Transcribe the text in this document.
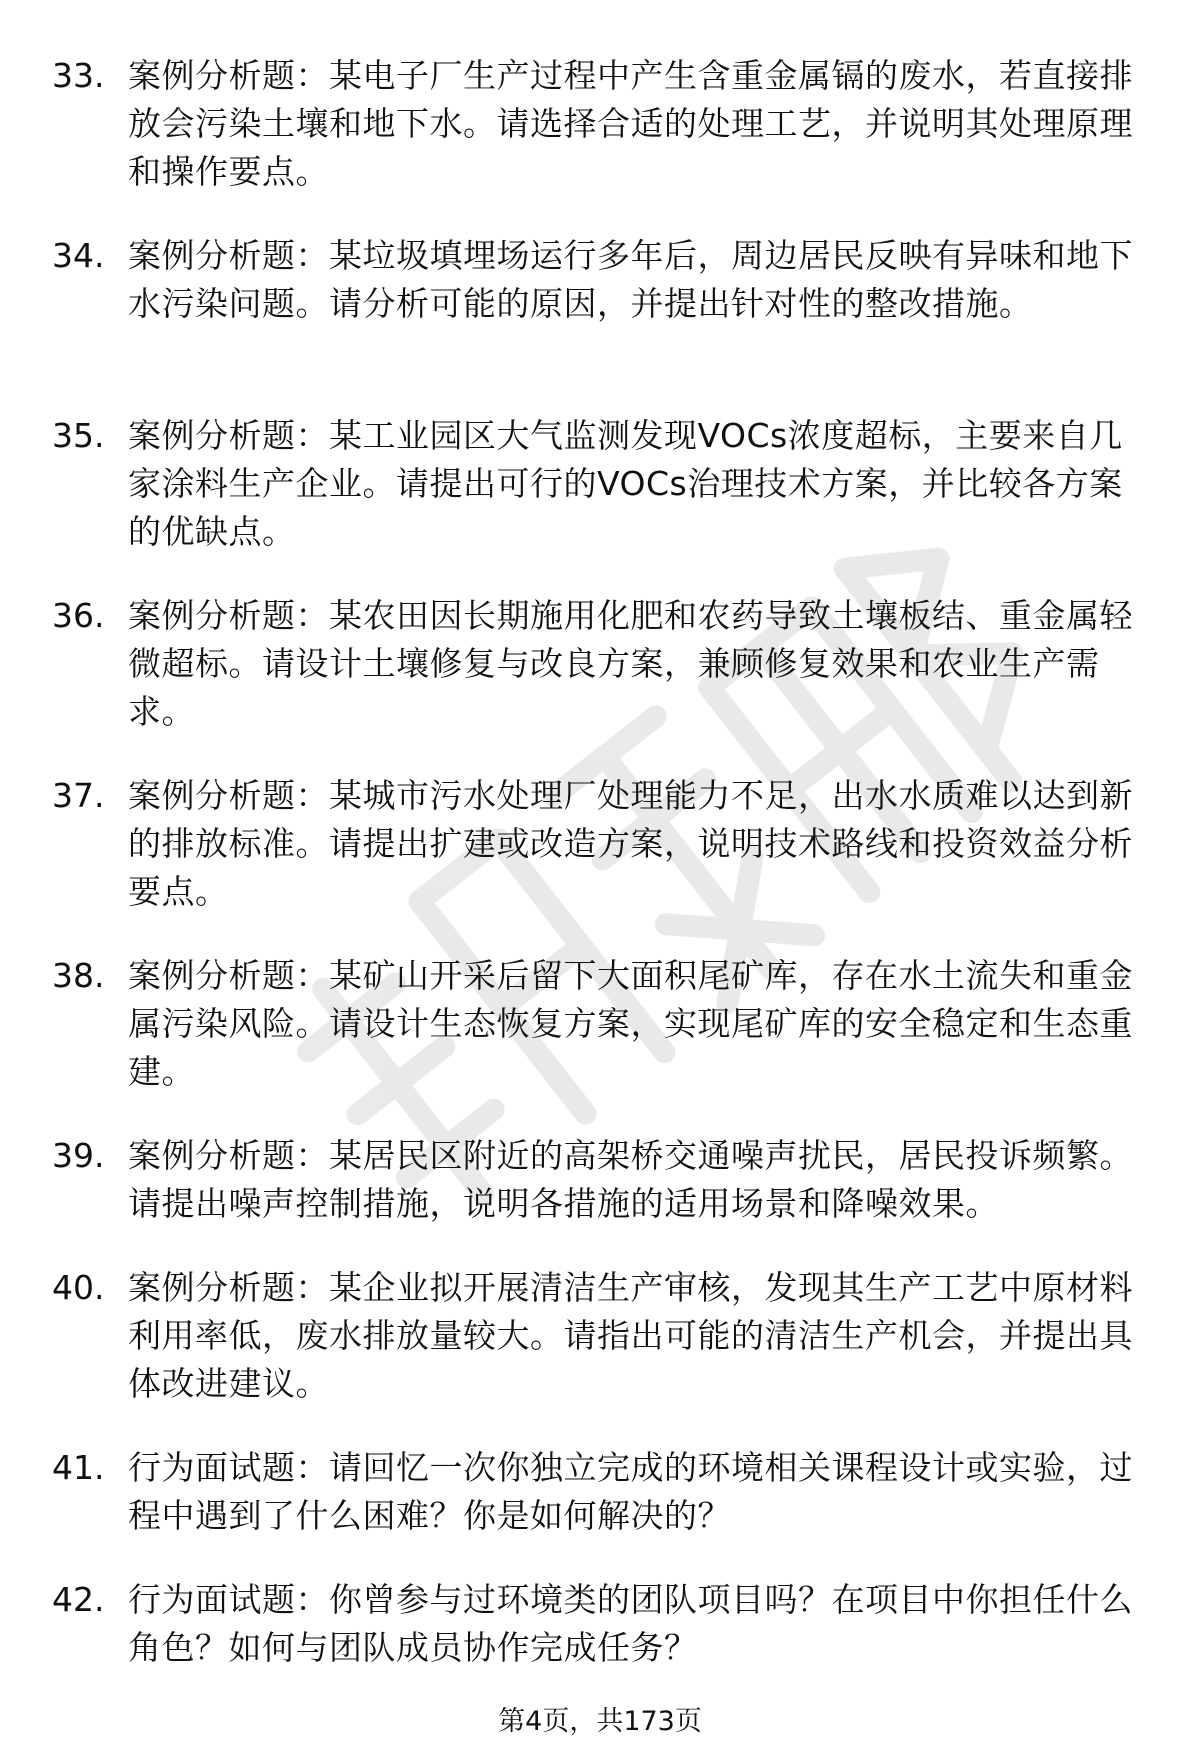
33. 案例分析题：某电子厂生产过程中产生含重金属镉的废水，若直接排放会污染土壤和地下水。请选择合适的处理工艺，并说明其处理原理和操作要点。
34. 案例分析题：某垃圾填埋场运行多年后，周边居民反映有异味和地下水污染问题。请分析可能的原因，并提出针对性的整改措施。
35. 案例分析题：某工业园区大气监测发现VOCs浓度超标，主要来自几家涂料生产企业。请提出可行的VOCs治理技术方案，并比较各方案的优缺点。
36. 案例分析题：某农田因长期施用化肥和农药导致土壤板结、重金属轻微超标。请设计土壤修复与改良方案，兼顾修复效果和农业生产需求。
37. 案例分析题：某城市污水处理厂处理能力不足，出水水质难以达到新的排放标准。请提出扩建或改造方案，说明技术路线和投资效益分析要点。
38. 案例分析题：某矿山开采后留下大面积尾矿库，存在水土流失和重金属污染风险。请设计生态恢复方案，实现尾矿库的安全稳定和生态重建。
39. 案例分析题：某居民区附近的高架桥交通噪声扰民，居民投诉频繁。请提出噪声控制措施，说明各措施的适用场景和降噪效果。
40. 案例分析题：某企业拟开展清洁生产审核，发现其生产工艺中原材料利用率低，废水排放量较大。请指出可能的清洁生产机会，并提出具体改进建议。
41. 行为面试题：请回忆一次你独立完成的环境相关课程设计或实验，过程中遇到了什么困难？你是如何解决的？
42. 行为面试题：你曾参与过环境类的团队项目吗？在项目中你担任什么角色？如何与团队成员协作完成任务？
第4页，共173页
